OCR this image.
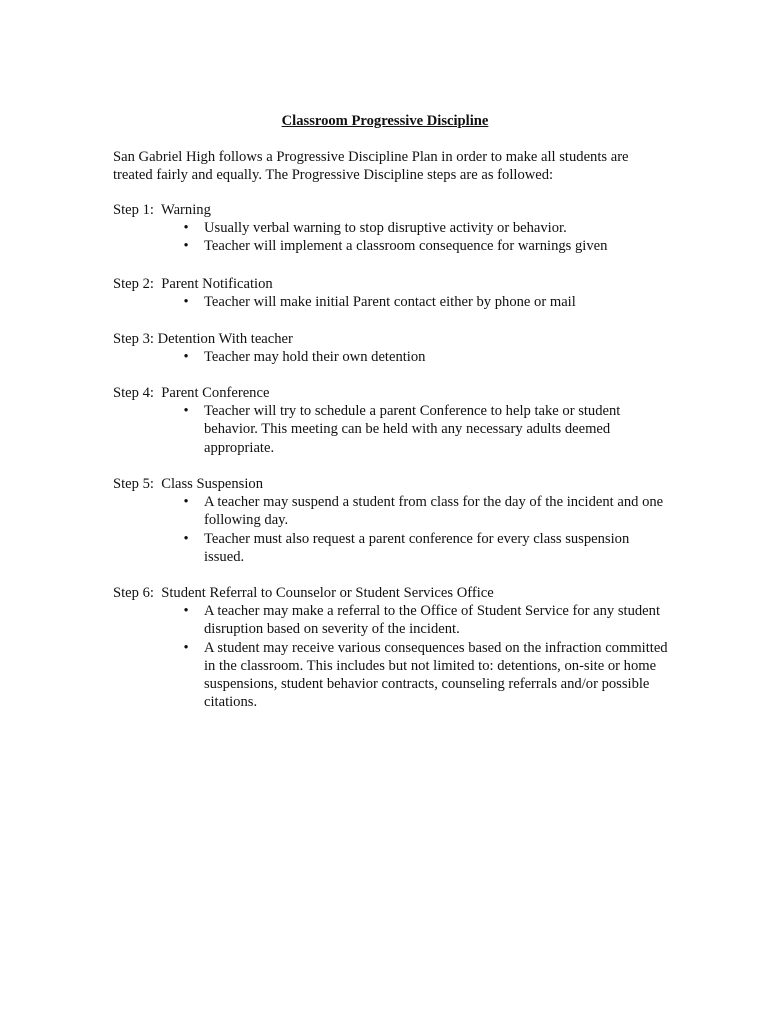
Classroom Progressive Discipline

San Gabriel High follows a Progressive Discipline Plan in order to make all students are

treated fairly and equally. The Progressive Discipline steps are as followed:

Step 1:  Warning

• Usually verbal warning to stop disruptive activity or behavior.
• Teacher will implement a classroom consequence for warnings given

Step 2:  Parent Notification

• Teacher will make initial Parent contact either by phone or mail

Step 3: Detention With teacher

• Teacher may hold their own detention

Step 4:  Parent Conference

• Teacher will try to schedule a parent Conference to help take or student behavior. This meeting can be held with any necessary adults deemed appropriate.

Step 5:  Class Suspension

• A teacher may suspend a student from class for the day of the incident and one following day.
• Teacher must also request a parent conference for every class suspension issued.

Step 6:  Student Referral to Counselor or Student Services Office

• A teacher may make a referral to the Office of Student Service for any student disruption based on severity of the incident.
• A student may receive various consequences based on the infraction committed in the classroom. This includes but not limited to: detentions, on-site or home suspensions, student behavior contracts, counseling referrals and/or possible citations.
